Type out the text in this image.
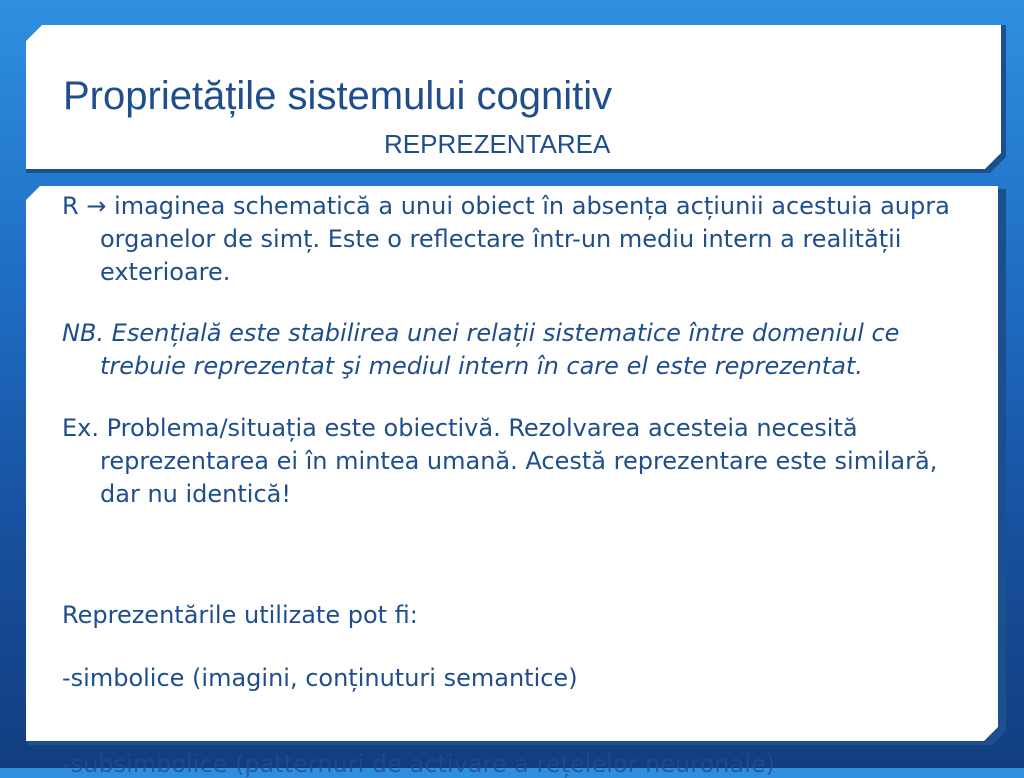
Proprietățile sistemului cognitiv
REPREZENTAREA

R → imaginea schematică a unui obiect în absența acțiunii acestuia aupra organelor de simț. Este o reflectare într-un mediu intern a realității exterioare.

NB. Esențială este stabilirea unei relații sistematice între domeniul ce trebuie reprezentat şi mediul intern în care el este reprezentat.

Ex. Problema/situația este obiectivă. Rezolvarea acesteia necesită reprezentarea ei în mintea umană. Acestă reprezentare este similară, dar nu identică!

Reprezentările utilizate pot fi:

-simbolice (imagini, conținuturi semantice)

-subsimbolice (patternuri de activare a rețelelor neuronale)
